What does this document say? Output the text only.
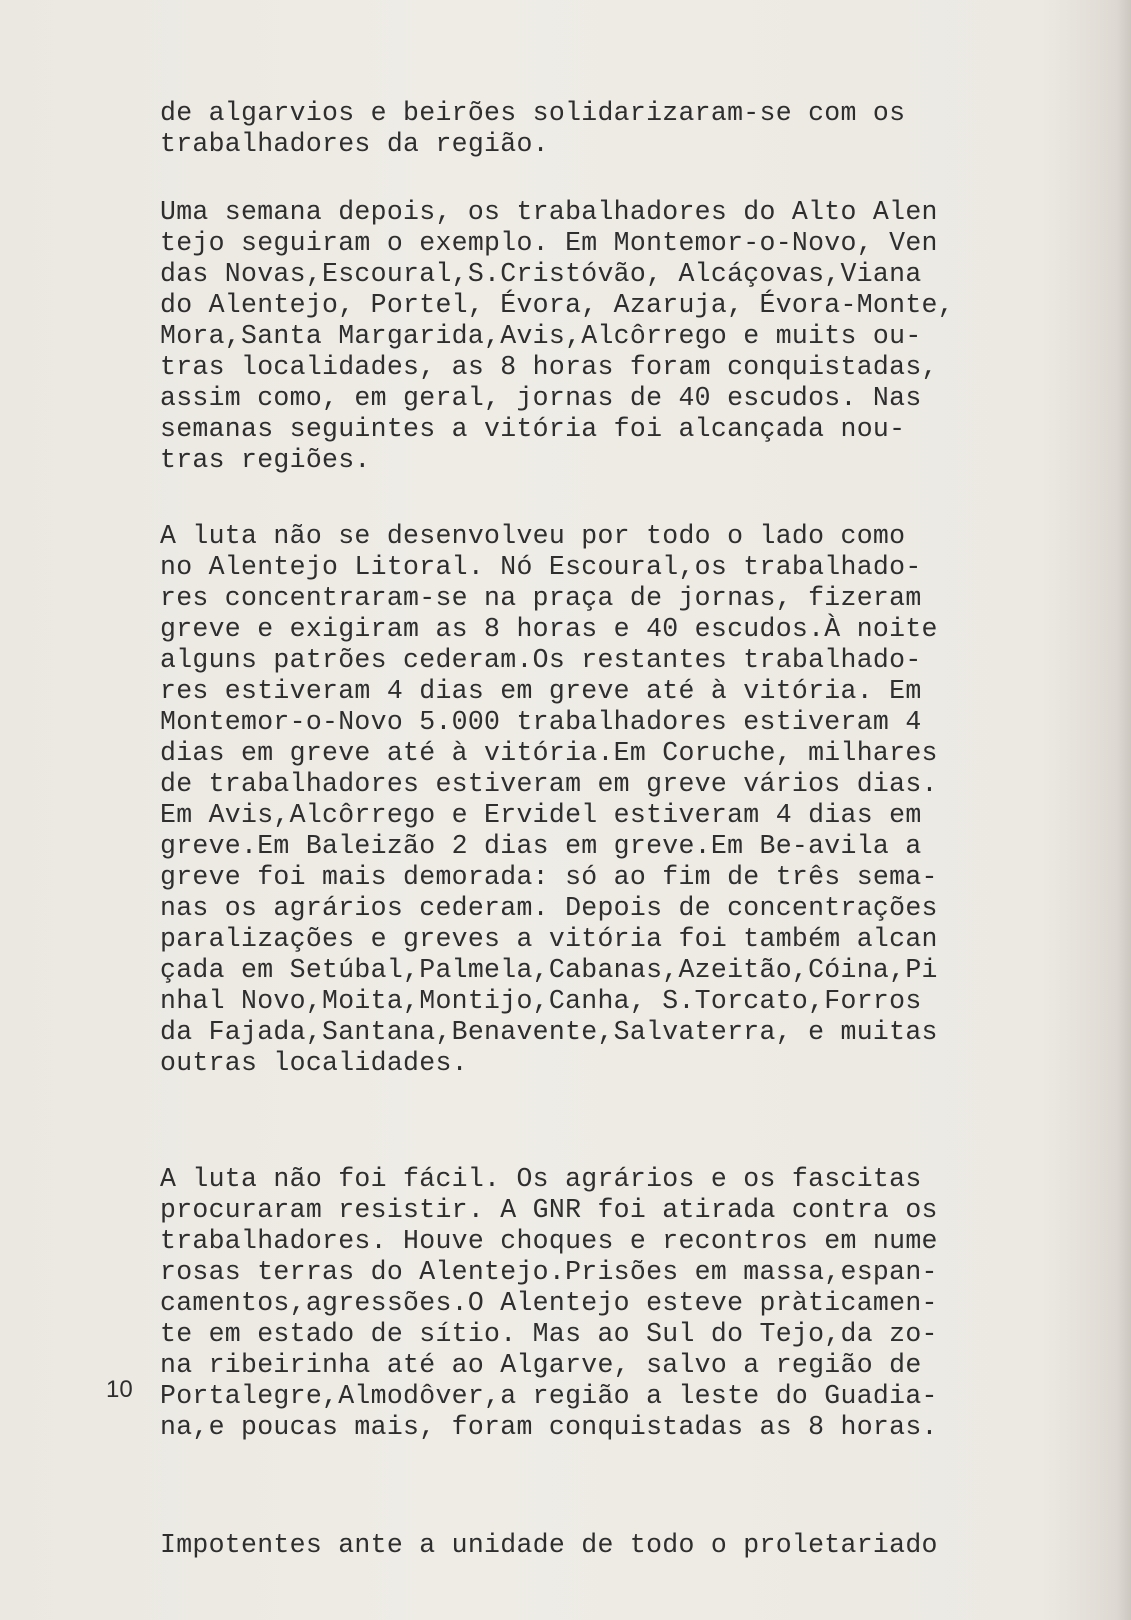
de algarvios e beirões solidarizaram-se com os
trabalhadores da região.
Uma semana depois, os trabalhadores do Alto Alen
tejo seguiram o exemplo. Em Montemor-o-Novo, Ven
das Novas,Escoural,S.Cristóvão, Alcáçovas,Viana
do Alentejo, Portel, Évora, Azaruja, Évora-Monte,
Mora,Santa Margarida,Avis,Alcôrrego e muits ou-
tras localidades, as 8 horas foram conquistadas,
assim como, em geral, jornas de 40 escudos. Nas
semanas seguintes a vitória foi alcançada nou-
tras regiões.
A luta não se desenvolveu por todo o lado como
no Alentejo Litoral. Nó Escoural,os trabalhado-
res concentraram-se na praça de jornas, fizeram
greve e exigiram as 8 horas e 40 escudos.À noite
alguns patrões cederam.Os restantes trabalhado-
res estiveram 4 dias em greve até à vitória. Em
Montemor-o-Novo 5.000 trabalhadores estiveram 4
dias em greve até à vitória.Em Coruche, milhares
de trabalhadores estiveram em greve vários dias.
Em Avis,Alcôrrego e Ervidel estiveram 4 dias em
greve.Em Baleizão 2 dias em greve.Em Be-avila a
greve foi mais demorada: só ao fim de três sema-
nas os agrários cederam. Depois de concentrações
paralizações e greves a vitória foi também alcan
çada em Setúbal,Palmela,Cabanas,Azeitão,Cóina,Pi
nhal Novo,Moita,Montijo,Canha, S.Torcato,Forros
da Fajada,Santana,Benavente,Salvaterra, e muitas
outras localidades.
A luta não foi fácil. Os agrários e os fascitas
procuraram resistir. A GNR foi atirada contra os
trabalhadores. Houve choques e recontros em nume
rosas terras do Alentejo.Prisões em massa,espan-
camentos,agressões.O Alentejo esteve pràticamen-
te em estado de sítio. Mas ao Sul do Tejo,da zo-
na ribeirinha até ao Algarve, salvo a região de
Portalegre,Almodôver,a região a leste do Guadia-
na,e poucas mais, foram conquistadas as 8 horas.
Impotentes ante a unidade de todo o proletariado
10
